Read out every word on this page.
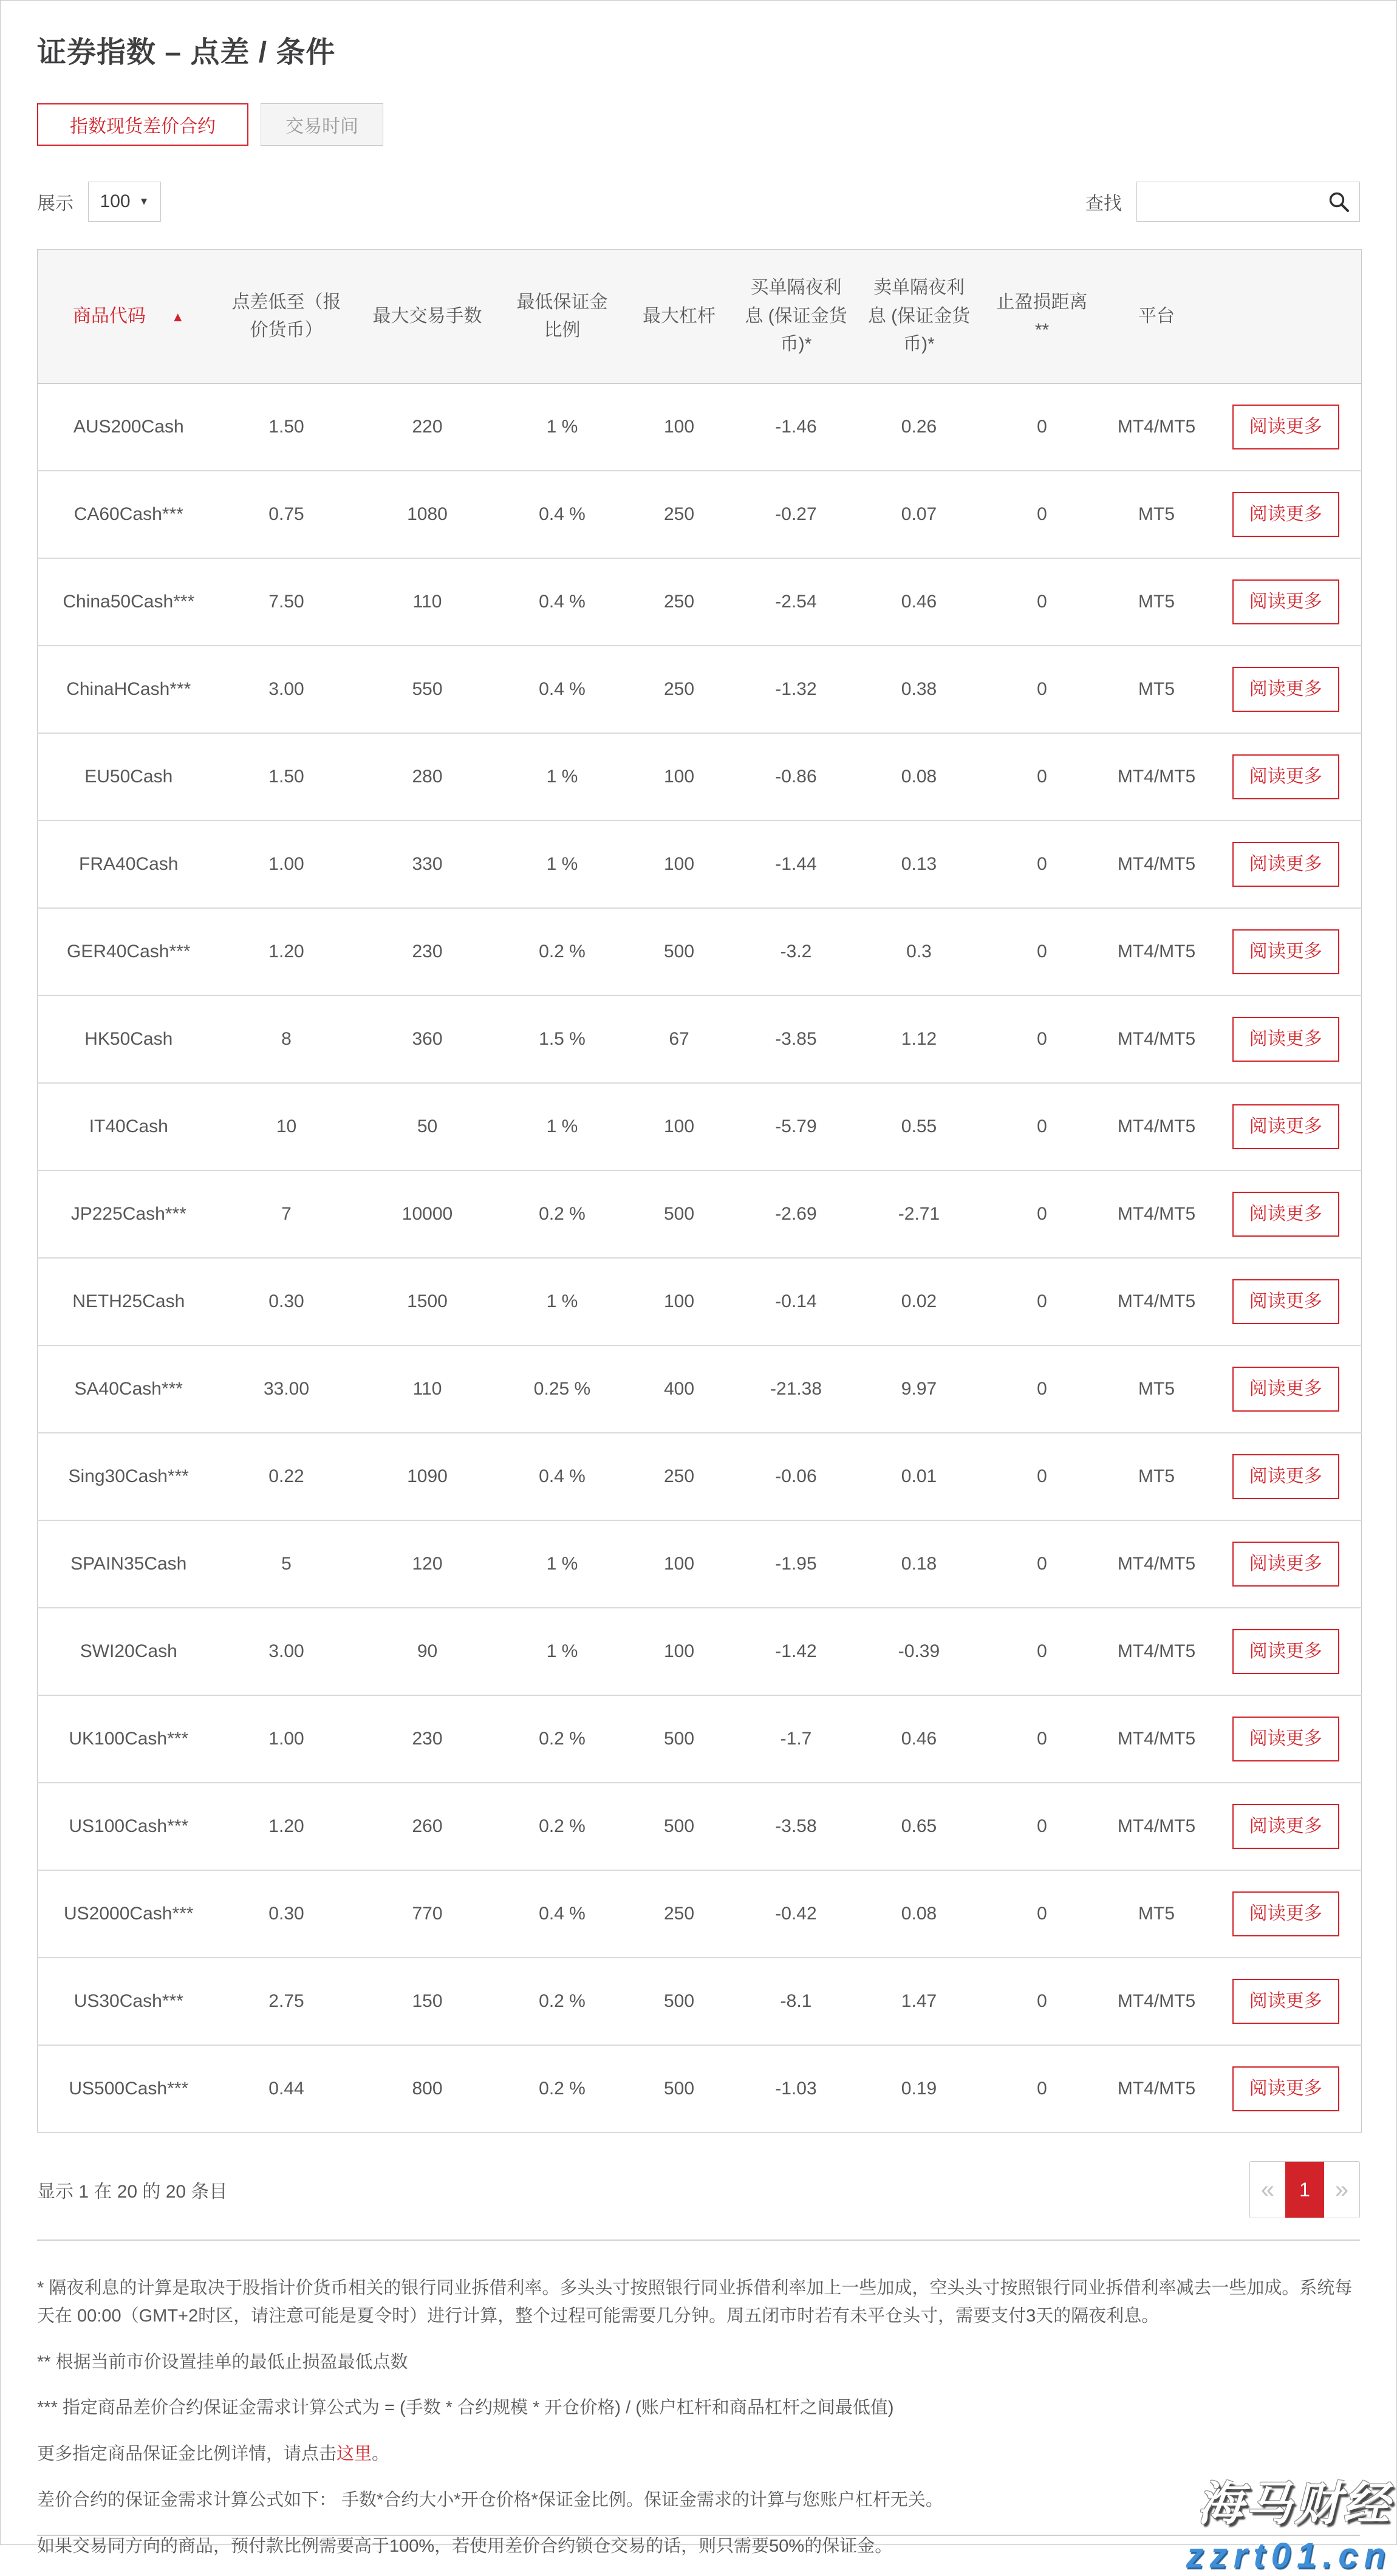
证券指数 – 点差 / 条件
指数现货差价合约	交易时间
展示 100 ▼	查找
商品代码 ▲	点差低至（报价货币）	最大交易手数	最低保证金比例	最大杠杆	买单隔夜利息 (保证金货币)*	卖单隔夜利息 (保证金货币)*	止盈损距离**	平台	
AUS200Cash	1.50	220	1 %	100	-1.46	0.26	0	MT4/MT5	阅读更多
CA60Cash***	0.75	1080	0.4 %	250	-0.27	0.07	0	MT5	阅读更多
China50Cash***	7.50	110	0.4 %	250	-2.54	0.46	0	MT5	阅读更多
ChinaHCash***	3.00	550	0.4 %	250	-1.32	0.38	0	MT5	阅读更多
EU50Cash	1.50	280	1 %	100	-0.86	0.08	0	MT4/MT5	阅读更多
FRA40Cash	1.00	330	1 %	100	-1.44	0.13	0	MT4/MT5	阅读更多
GER40Cash***	1.20	230	0.2 %	500	-3.2	0.3	0	MT4/MT5	阅读更多
HK50Cash	8	360	1.5 %	67	-3.85	1.12	0	MT4/MT5	阅读更多
IT40Cash	10	50	1 %	100	-5.79	0.55	0	MT4/MT5	阅读更多
JP225Cash***	7	10000	0.2 %	500	-2.69	-2.71	0	MT4/MT5	阅读更多
NETH25Cash	0.30	1500	1 %	100	-0.14	0.02	0	MT4/MT5	阅读更多
SA40Cash***	33.00	110	0.25 %	400	-21.38	9.97	0	MT5	阅读更多
Sing30Cash***	0.22	1090	0.4 %	250	-0.06	0.01	0	MT5	阅读更多
SPAIN35Cash	5	120	1 %	100	-1.95	0.18	0	MT4/MT5	阅读更多
SWI20Cash	3.00	90	1 %	100	-1.42	-0.39	0	MT4/MT5	阅读更多
UK100Cash***	1.00	230	0.2 %	500	-1.7	0.46	0	MT4/MT5	阅读更多
US100Cash***	1.20	260	0.2 %	500	-3.58	0.65	0	MT4/MT5	阅读更多
US2000Cash***	0.30	770	0.4 %	250	-0.42	0.08	0	MT5	阅读更多
US30Cash***	2.75	150	0.2 %	500	-8.1	1.47	0	MT4/MT5	阅读更多
US500Cash***	0.44	800	0.2 %	500	-1.03	0.19	0	MT4/MT5	阅读更多
显示 1 在 20 的 20 条目	«	1	»

* 隔夜利息的计算是取决于股指计价货币相关的银行同业拆借利率。多头头寸按照银行同业拆借利率加上一些加成，空头头寸按照银行同业拆借利率减去一些加成。系统每天在 00:00（GMT+2时区，请注意可能是夏令时）进行计算，整个过程可能需要几分钟。周五闭市时若有未平仓头寸，需要支付3天的隔夜利息。

** 根据当前市价设置挂单的最低止损盈最低点数

*** 指定商品差价合约保证金需求计算公式为 = (手数 * 合约规模 * 开仓价格) / (账户杠杆和商品杠杆之间最低值)

更多指定商品保证金比例详情，请点击这里。

差价合约的保证金需求计算公式如下： 手数*合约大小*开仓价格*保证金比例。保证金需求的计算与您账户杠杆无关。

如果交易同方向的商品，预付款比例需要高于100%，若使用差价合约锁仓交易的话，则只需要50%的保证金。

海马财经
zzrt01.cn
